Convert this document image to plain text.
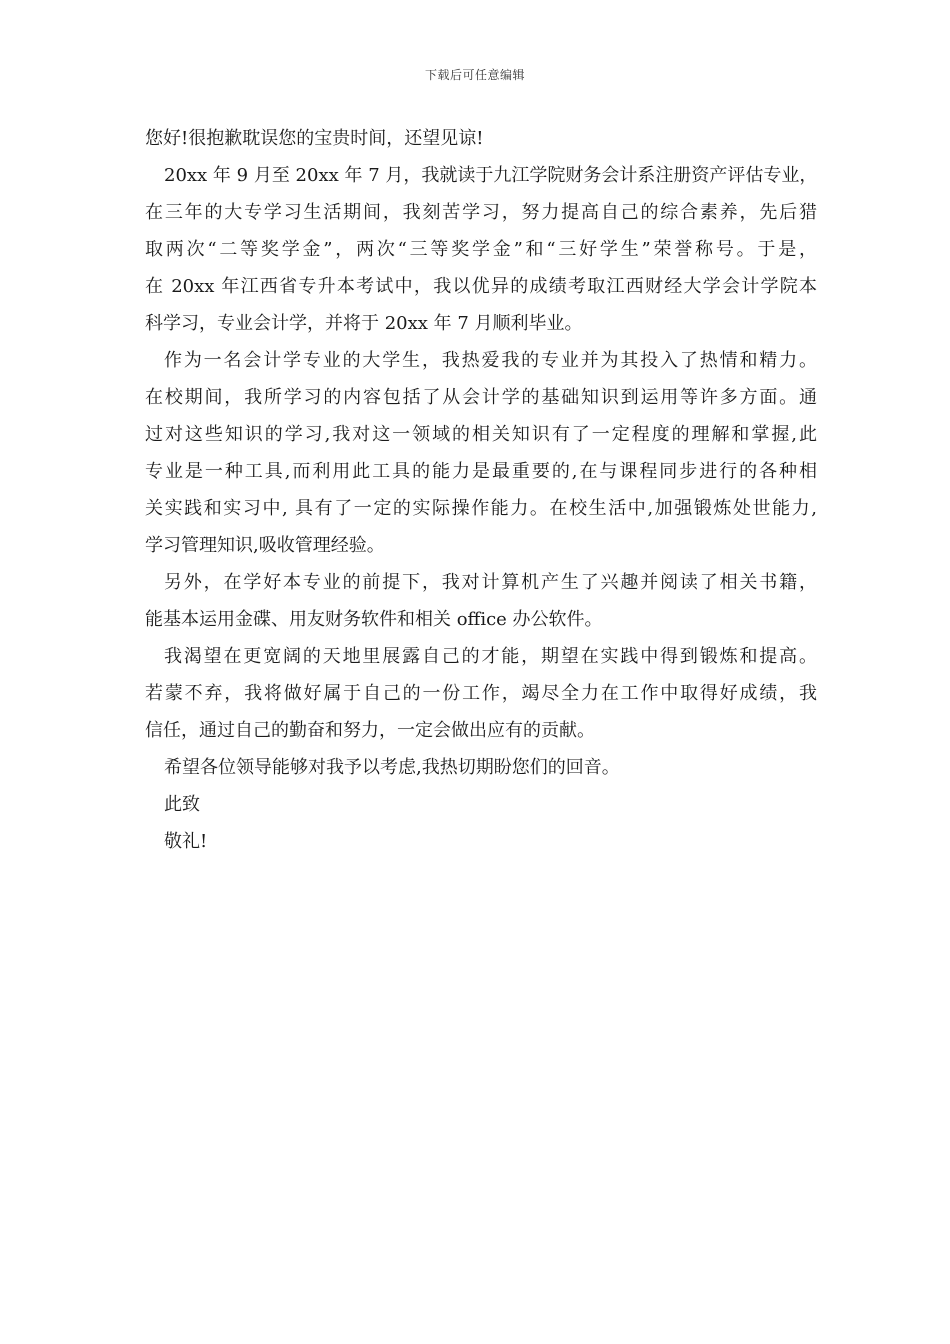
下载后可任意编辑
您好!很抱歉耽误您的宝贵时间，还望见谅!
20xx 年 9 月至 20xx 年 7 月，我就读于九江学院财务会计系注册资产评估专业，
在三年的大专学习生活期间，我刻苦学习，努力提高自己的综合素养，先后猎
取两次“二等奖学金”，两次“三等奖学金”和“三好学生”荣誉称号。于是，
在 20xx 年江西省专升本考试中，我以优异的成绩考取江西财经大学会计学院本
科学习，专业会计学，并将于 20xx 年 7 月顺利毕业。
作为一名会计学专业的大学生，我热爱我的专业并为其投入了热情和精力。
在校期间，我所学习的内容包括了从会计学的基础知识到运用等许多方面。通
过对这些知识的学习,我对这一领域的相关知识有了一定程度的理解和掌握,此
专业是一种工具,而利用此工具的能力是最重要的,在与课程同步进行的各种相
关实践和实习中, 具有了一定的实际操作能力。在校生活中,加强锻炼处世能力,
学习管理知识,吸收管理经验。
另外，在学好本专业的前提下，我对计算机产生了兴趣并阅读了相关书籍，
能基本运用金碟、用友财务软件和相关 office 办公软件。
我渴望在更宽阔的天地里展露自己的才能，期望在实践中得到锻炼和提高。
若蒙不弃，我将做好属于自己的一份工作，竭尽全力在工作中取得好成绩，我
信任，通过自己的勤奋和努力，一定会做出应有的贡献。
希望各位领导能够对我予以考虑,我热切期盼您们的回音。
此致
敬礼!
